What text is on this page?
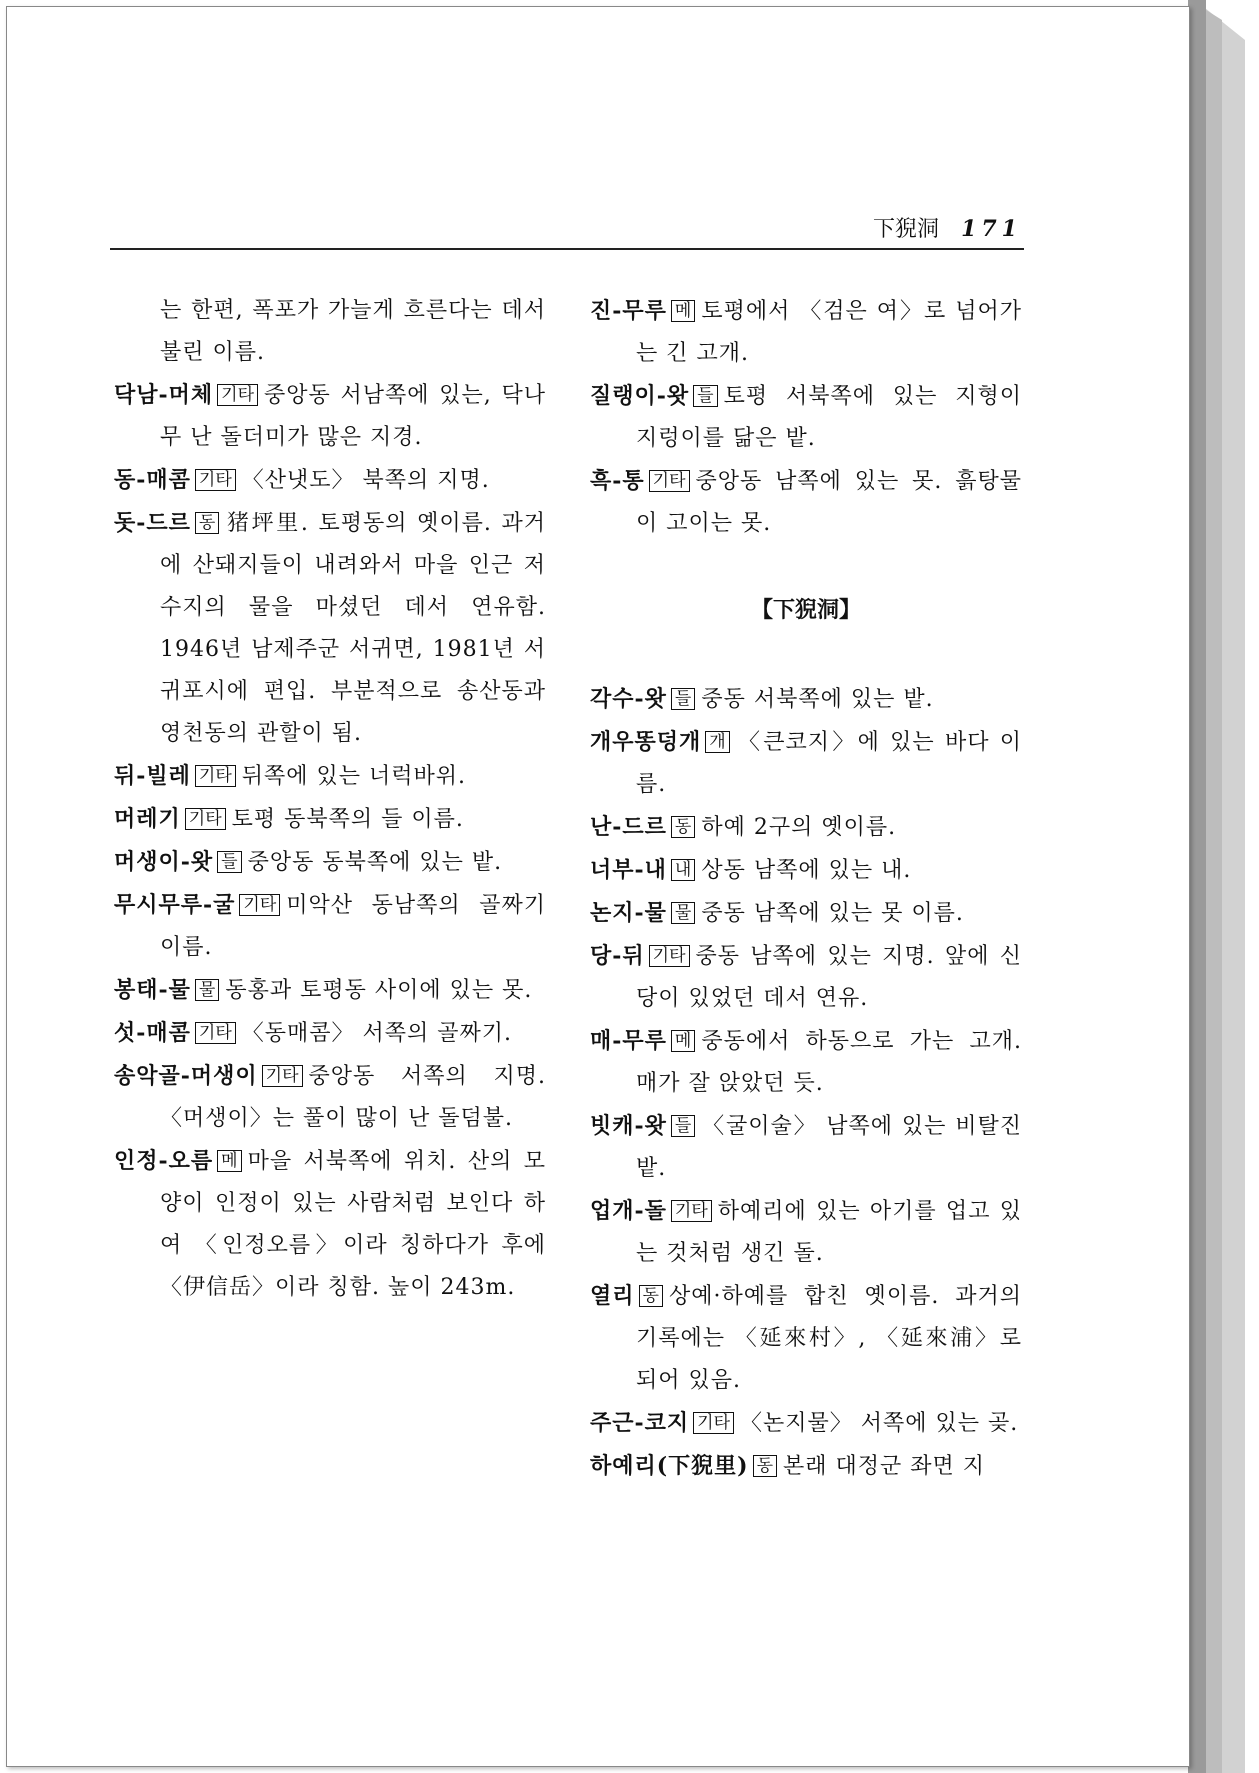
下猊洞 171

는 한편, 폭포가 가늘게 흐른다는 데서 불린 이름.

닥남-머체 기타 중앙동 서남쪽에 있는, 닥나무 난 돌더미가 많은 지경.

동-매콤 기타 〈산냇도〉 북쪽의 지명.

돗-드르 동 猪坪里. 토평동의 옛이름. 과거에 산돼지들이 내려와서 마을 인근 저수지의 물을 마셨던 데서 연유함. 1946년 남제주군 서귀면, 1981년 서귀포시에 편입. 부분적으로 송산동과 영천동의 관할이 됨.

뒤-빌레 기타 뒤쪽에 있는 너럭바위.

머레기 기타 토평 동북쪽의 들 이름.

머생이-왓 들 중앙동 동북쪽에 있는 밭.

무시무루-굴 기타 미악산 동남쪽의 골짜기 이름.

봉태-물 물 동홍과 토평동 사이에 있는 못.

섯-매콤 기타 〈동매콤〉 서쪽의 골짜기.

송악골-머생이 기타 중앙동 서쪽의 지명. 〈머생이〉는 풀이 많이 난 돌덤불.

인정-오름 메 마을 서북쪽에 위치. 산의 모양이 인정이 있는 사람처럼 보인다 하여 〈인정오름〉이라 칭하다가 후에 〈伊信岳〉이라 칭함. 높이 243m.

진-무루 메 토평에서 〈검은 여〉로 넘어가는 긴 고개.

질랭이-왓 들 토평 서북쪽에 있는 지형이 지렁이를 닮은 밭.

흑-통 기타 중앙동 남쪽에 있는 못. 흙탕물이 고이는 못.

【下猊洞】

각수-왓 들 중동 서북쪽에 있는 밭.

개우똥덩개 개 〈큰코지〉에 있는 바다 이름.

난-드르 동 하예 2구의 옛이름.

너부-내 내 상동 남쪽에 있는 내.

논지-물 물 중동 남쪽에 있는 못 이름.

당-뒤 기타 중동 남쪽에 있는 지명. 앞에 신당이 있었던 데서 연유.

매-무루 메 중동에서 하동으로 가는 고개. 매가 잘 앉았던 듯.

빗캐-왓 들 〈굴이술〉 남쪽에 있는 비탈진 밭.

업개-돌 기타 하예리에 있는 아기를 업고 있는 것처럼 생긴 돌.

열리 동 상예·하예를 합친 옛이름. 과거의 기록에는 〈延來村〉, 〈延來浦〉로 되어 있음.

주근-코지 기타 〈논지물〉 서쪽에 있는 곶.

하예리(下猊里) 동 본래 대정군 좌면 지
